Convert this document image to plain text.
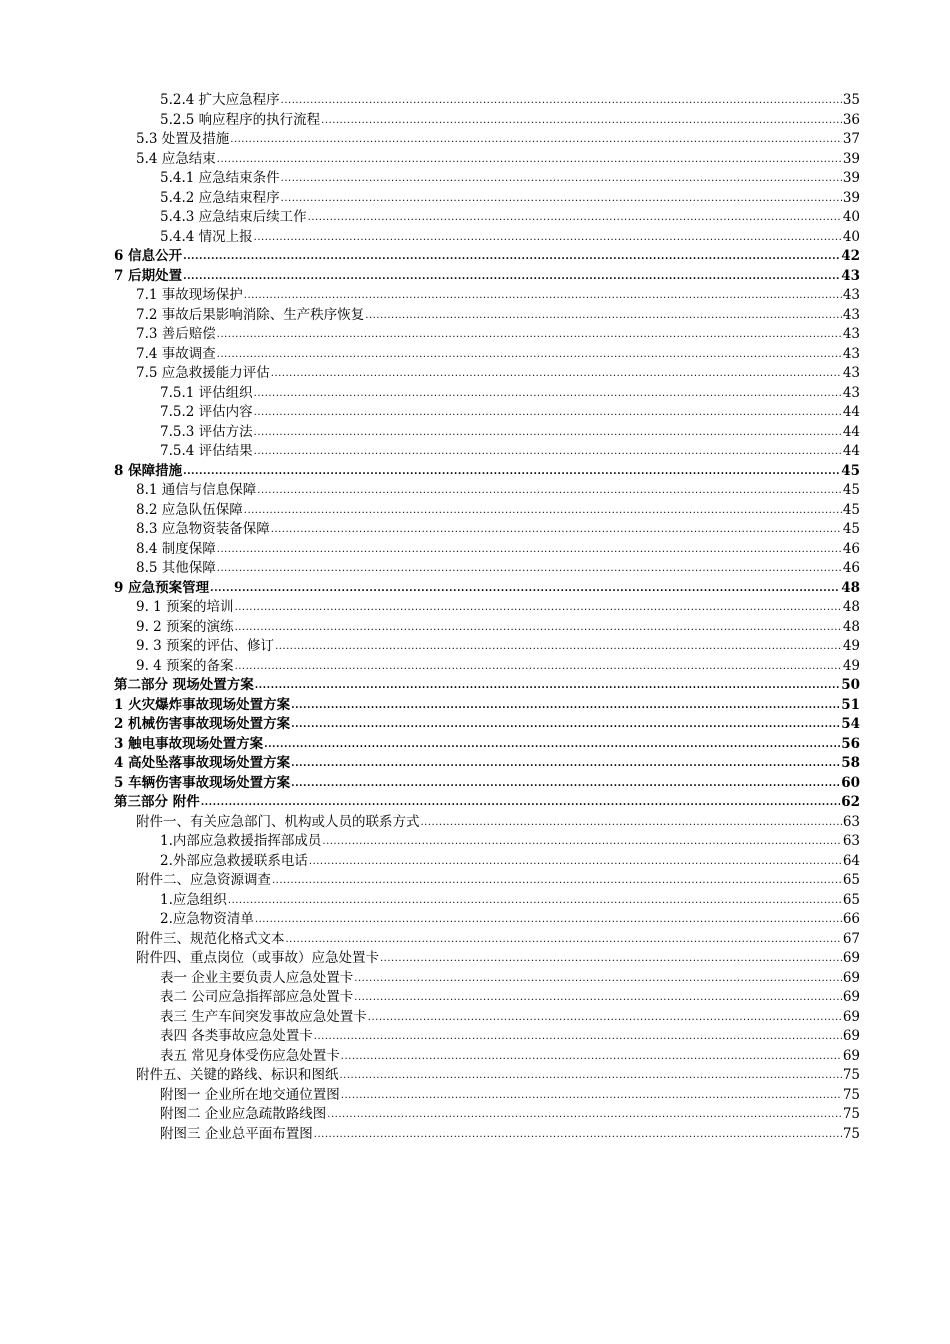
5.2.4 扩大应急程序 .....	35
5.2.5 响应程序的执行流程 .....	36
5.3 处置及措施 .....	37
5.4 应急结束 .....	39
5.4.1 应急结束条件 .....	39
5.4.2 应急结束程序 .....	39
5.4.3 应急结束后续工作 .....	40
5.4.4 情况上报 .....	40
6 信息公开 .....	42
7 后期处置 .....	43
7.1 事故现场保护 .....	43
7.2 事故后果影响消除、生产秩序恢复 .....	43
7.3 善后赔偿 .....	43
7.4 事故调查 .....	43
7.5 应急救援能力评估 .....	43
7.5.1 评估组织 .....	43
7.5.2 评估内容 .....	44
7.5.3 评估方法 .....	44
7.5.4 评估结果 .....	44
8 保障措施 .....	45
8.1 通信与信息保障 .....	45
8.2 应急队伍保障 .....	45
8.3 应急物资装备保障 .....	45
8.4 制度保障 .....	46
8.5 其他保障 .....	46
9 应急预案管理 .....	48
9. 1 预案的培训 .....	48
9. 2 预案的演练 .....	48
9. 3 预案的评估、修订 .....	49
9. 4 预案的备案 .....	49
第二部分 现场处置方案 .....	50
1 火灾爆炸事故现场处置方案 .....	51
2 机械伤害事故现场处置方案 .....	54
3 触电事故现场处置方案 .....	56
4 高处坠落事故现场处置方案 .....	58
5 车辆伤害事故现场处置方案 .....	60
第三部分 附件 .....	62
附件一、有关应急部门、机构或人员的联系方式 .....	63
1.内部应急救援指挥部成员 .....	63
2.外部应急救援联系电话 .....	64
附件二、应急资源调查 .....	65
1.应急组织 .....	65
2.应急物资清单 .....	66
附件三、规范化格式文本 .....	67
附件四、重点岗位（或事故）应急处置卡 .....	69
表一 企业主要负责人应急处置卡 .....	69
表二 公司应急指挥部应急处置卡 .....	69
表三 生产车间突发事故应急处置卡 .....	69
表四 各类事故应急处置卡 .....	69
表五 常见身体受伤应急处置卡 .....	69
附件五、关键的路线、标识和图纸 .....	75
附图一 企业所在地交通位置图 .....	75
附图二 企业应急疏散路线图 .....	75
附图三 企业总平面布置图 .....	75
